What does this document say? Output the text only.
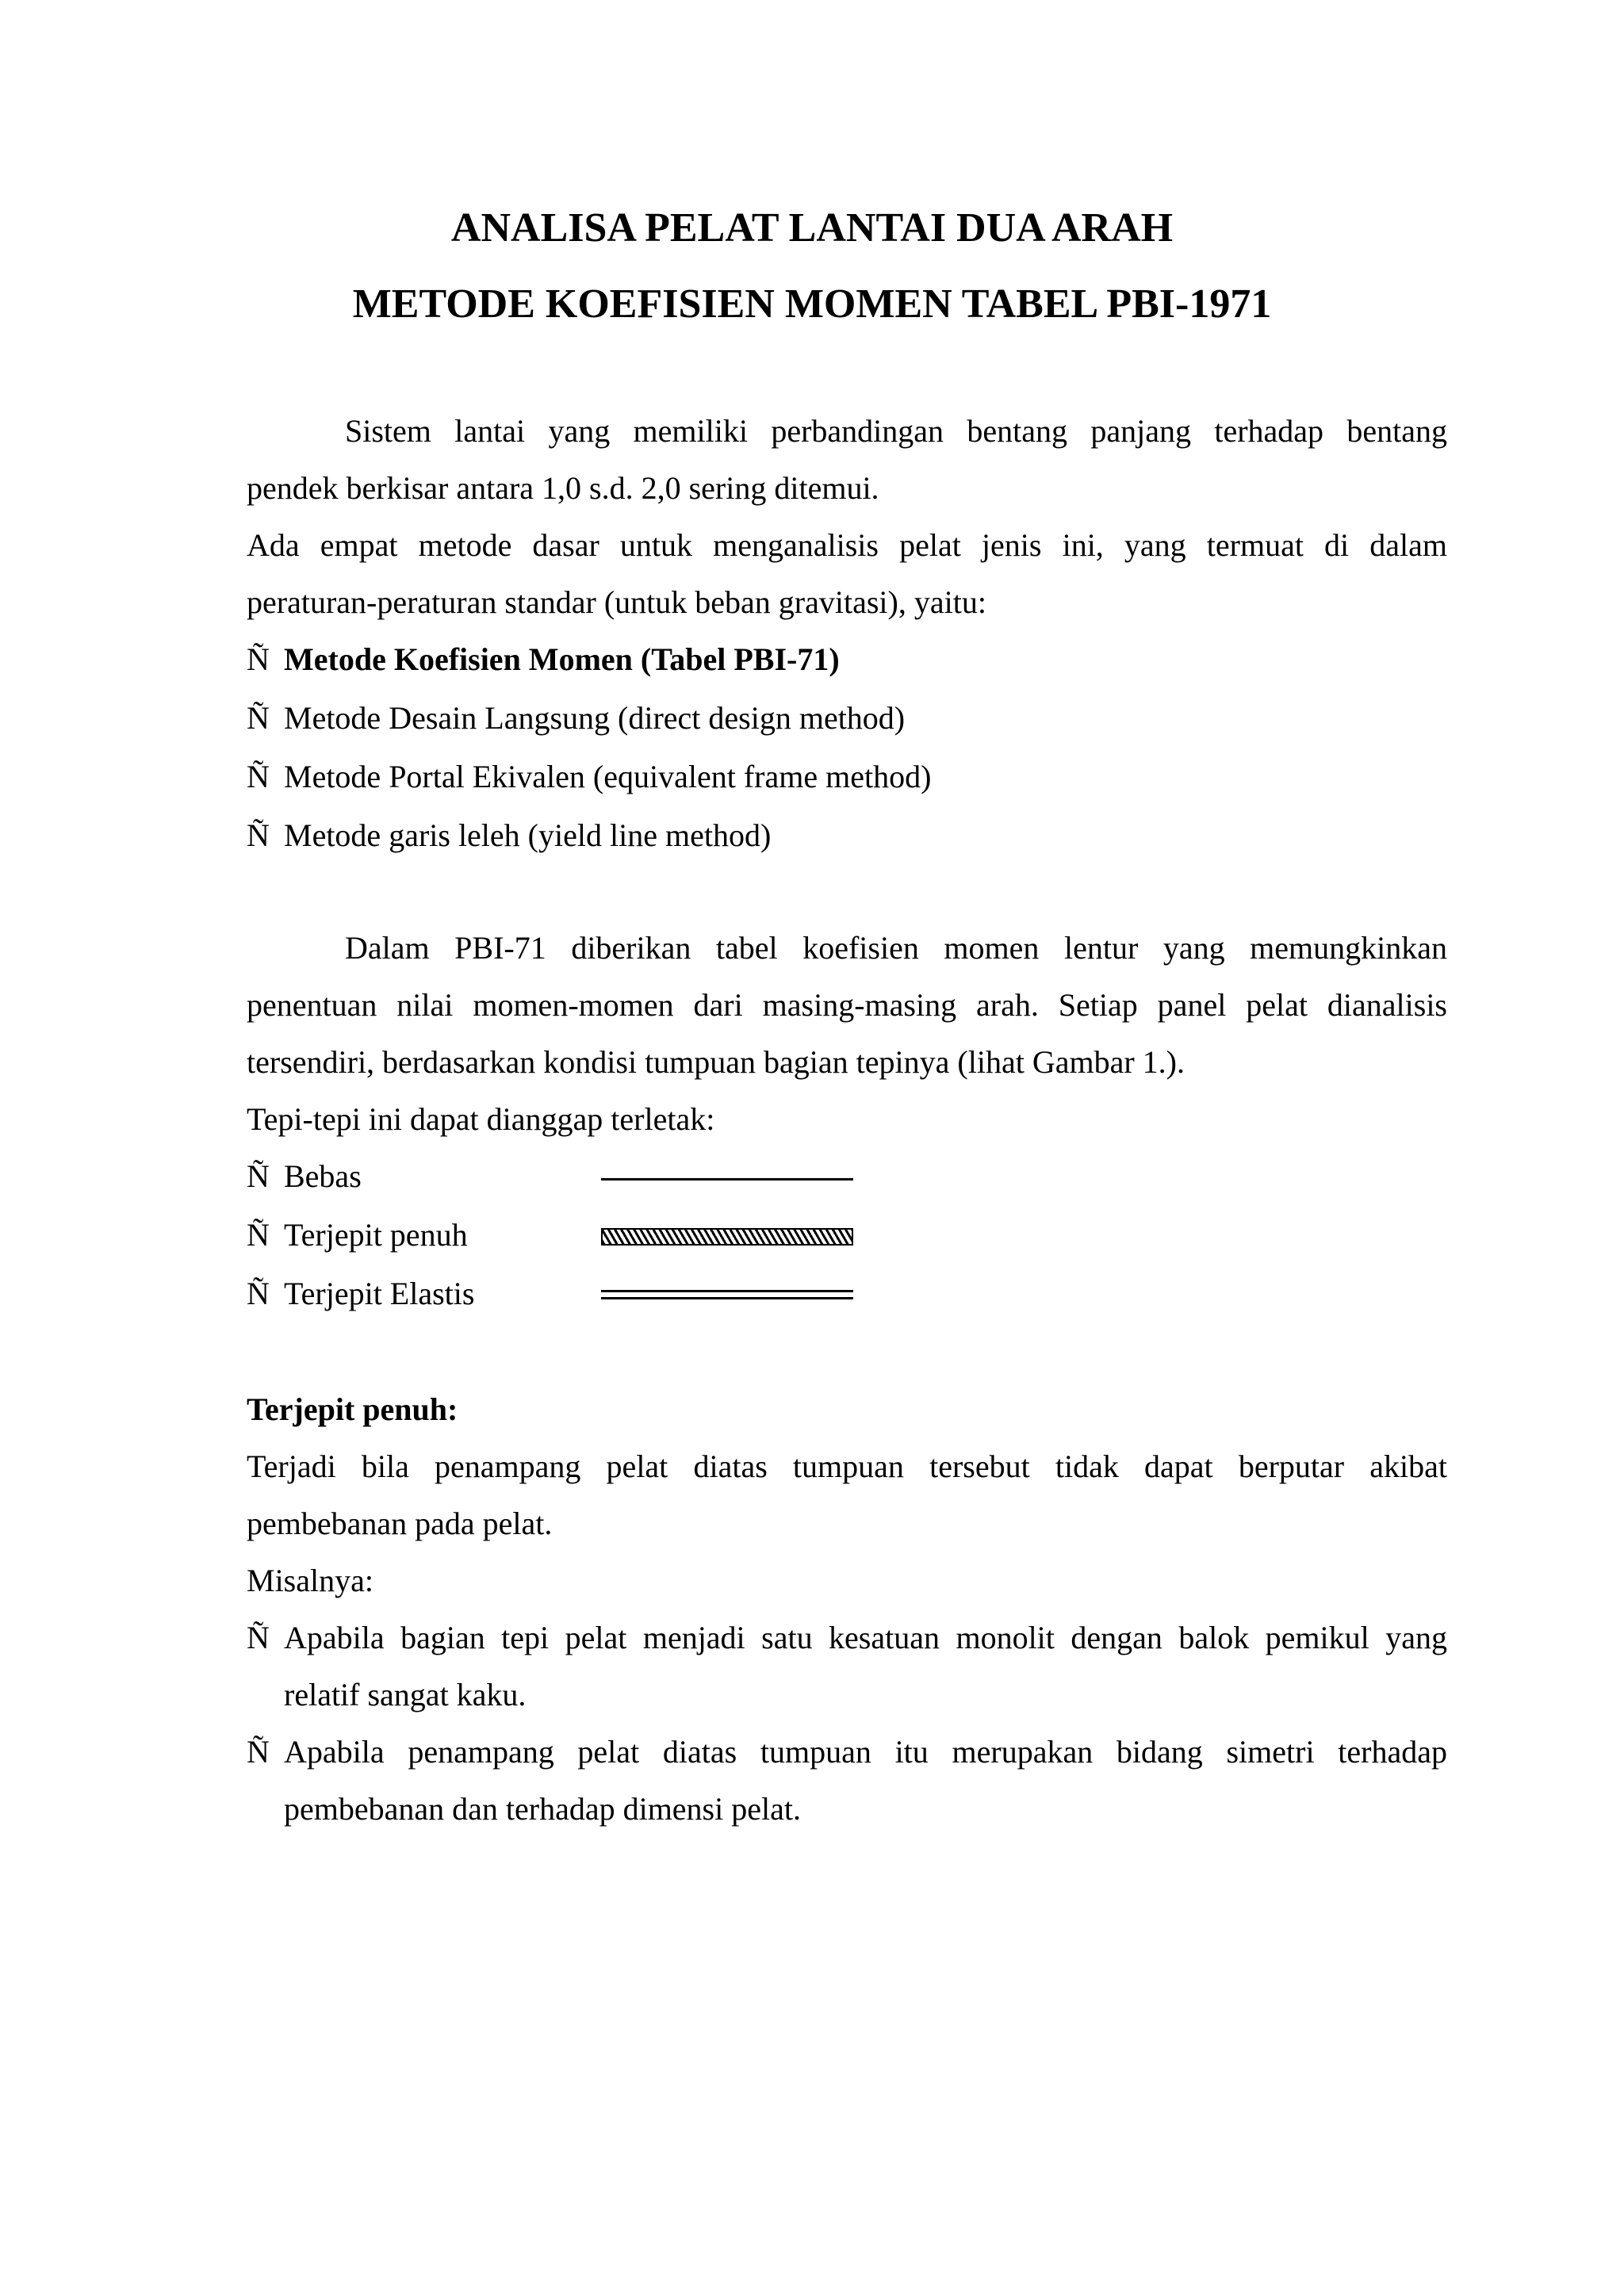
ANALISA PELAT LANTAI DUA ARAH
METODE KOEFISIEN MOMEN TABEL PBI-1971
Sistem lantai yang memiliki perbandingan bentang panjang terhadap bentang
pendek berkisar antara 1,0 s.d. 2,0 sering ditemui.
Ada empat metode dasar untuk menganalisis pelat jenis ini, yang termuat di dalam
peraturan-peraturan standar (untuk beban gravitasi), yaitu:
Ñ Metode Koefisien Momen (Tabel PBI-71)
Ñ Metode Desain Langsung (direct design method)
Ñ Metode Portal Ekivalen (equivalent frame method)
Ñ Metode garis leleh (yield line method)
Dalam PBI-71 diberikan tabel koefisien momen lentur yang memungkinkan
penentuan nilai momen-momen dari masing-masing arah. Setiap panel pelat dianalisis
tersendiri, berdasarkan kondisi tumpuan bagian tepinya (lihat Gambar 1.).
Tepi-tepi ini dapat dianggap terletak:
Ñ Bebas
Ñ Terjepit penuh
Ñ Terjepit Elastis
Terjepit penuh:
Terjadi bila penampang pelat diatas tumpuan tersebut tidak dapat berputar akibat
pembebanan pada pelat.
Misalnya:
Ñ Apabila bagian tepi pelat menjadi satu kesatuan monolit dengan balok pemikul yang
relatif sangat kaku.
Ñ Apabila penampang pelat diatas tumpuan itu merupakan bidang simetri terhadap
pembebanan dan terhadap dimensi pelat.
